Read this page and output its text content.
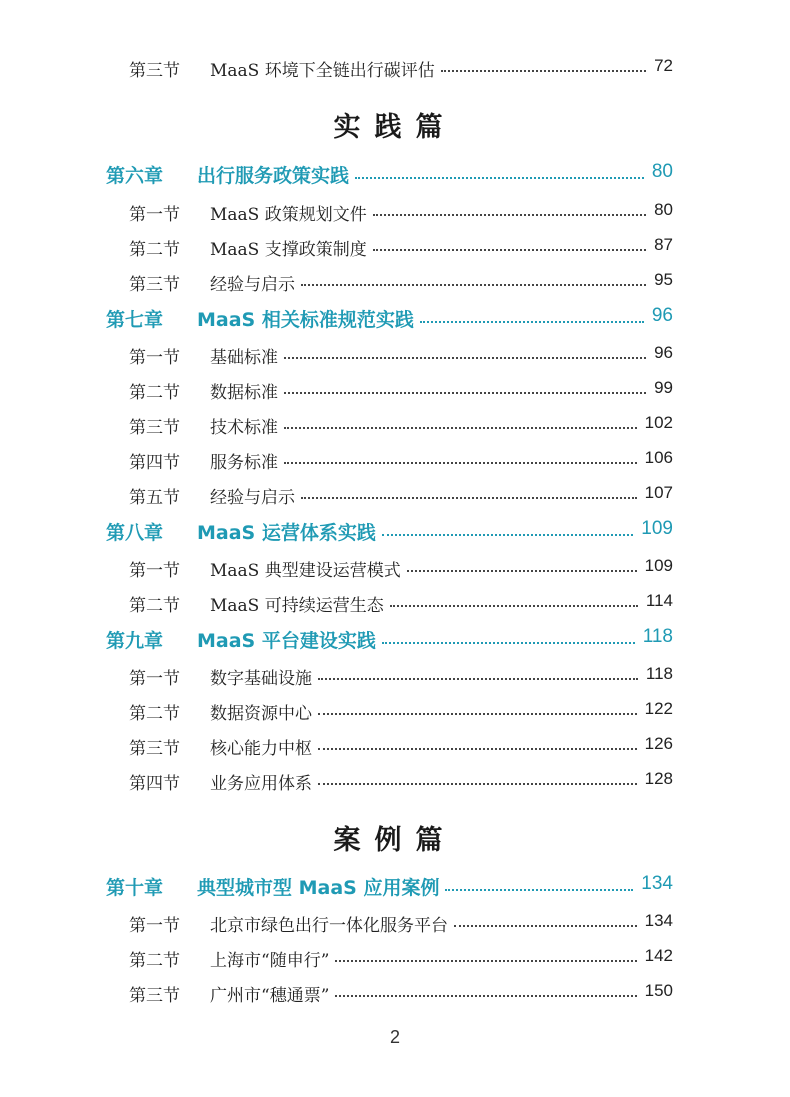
第三节 MaaS 环境下全链出行碳评估	72
实践篇
第六章 出行服务政策实践	80
第一节 MaaS 政策规划文件	80
第二节 MaaS 支撑政策制度	87
第三节 经验与启示	95
第七章 MaaS 相关标准规范实践	96
第一节 基础标准	96
第二节 数据标准	99
第三节 技术标准	102
第四节 服务标准	106
第五节 经验与启示	107
第八章 MaaS 运营体系实践	109
第一节 MaaS 典型建设运营模式	109
第二节 MaaS 可持续运营生态	114
第九章 MaaS 平台建设实践	118
第一节 数字基础设施	118
第二节 数据资源中心	122
第三节 核心能力中枢	126
第四节 业务应用体系	128
案例篇
第十章 典型城市型 MaaS 应用案例	134
第一节 北京市绿色出行一体化服务平台	134
第二节 上海市“随申行”	142
第三节 广州市“穗通票”	150
2
